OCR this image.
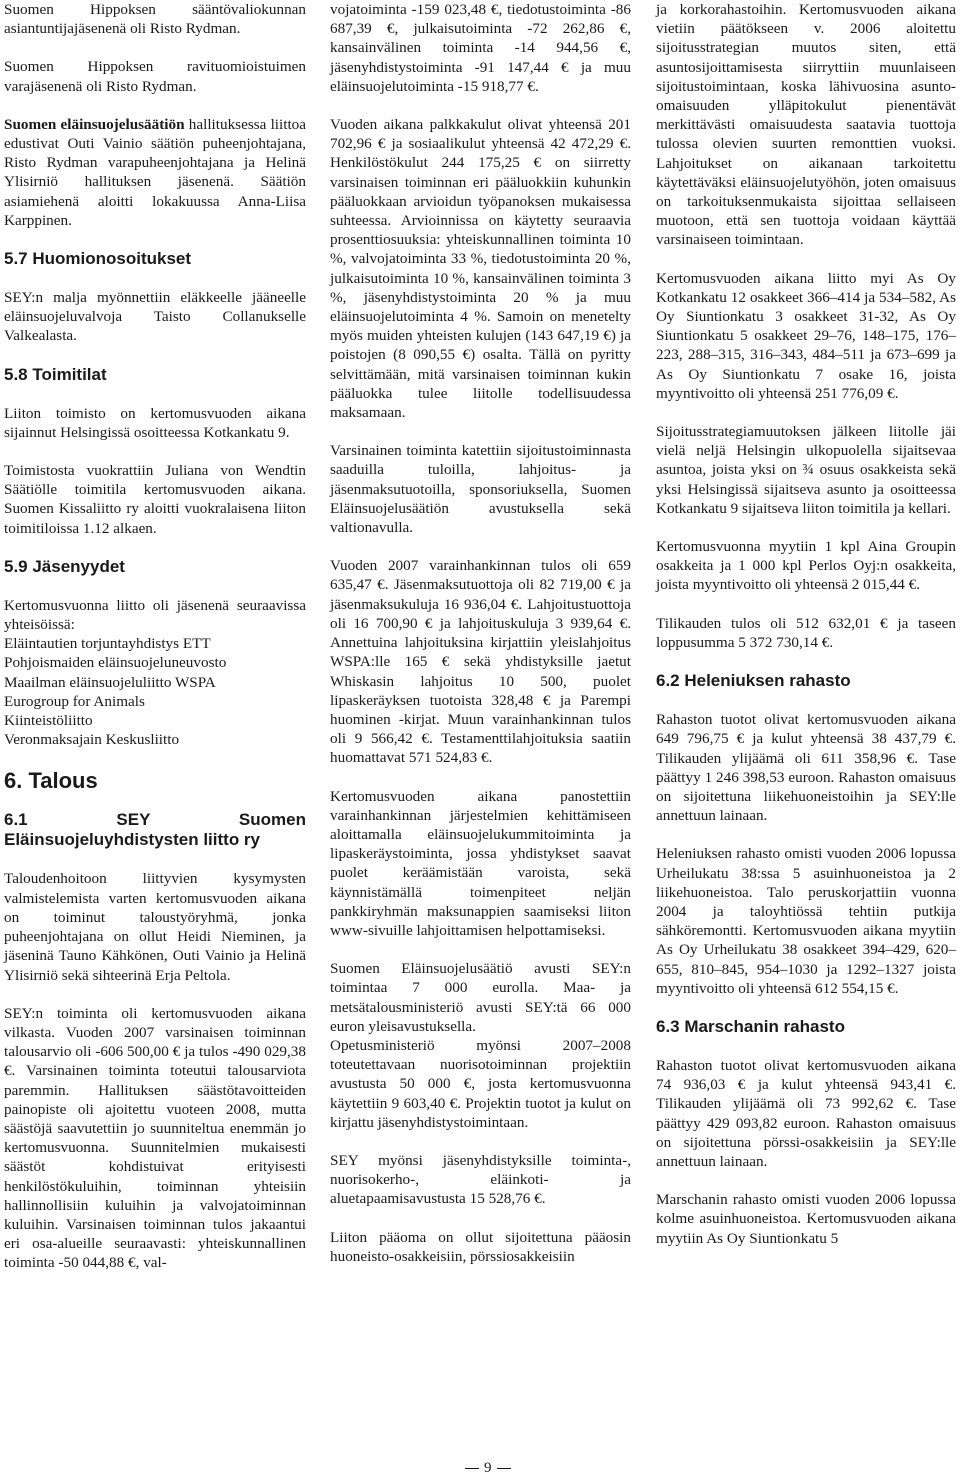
Suomen Hippoksen sääntövaliokunnan asiantuntijajäsenenä oli Risto Rydman.

Suomen Hippoksen ravituomioistuimen varajäsenenä oli Risto Rydman.

Suomen eläinsuojelusäätiön hallituksessa liittoa edustivat Outi Vainio säätiön puheenjohtajana, Risto Rydman varapuheenjohtajana ja Helinä Ylisirniö hallituksen jäsenenä. Säätiön asiamiehenä aloitti lokakuussa Anna-Liisa Karppinen.

5.7 Huomionosoitukset

SEY:n malja myönnettiin eläkkeelle jääneelle eläinsuojeluvalvoja Taisto Collanukselle Valkealasta.

5.8 Toimitilat

Liiton toimisto on kertomusvuoden aikana sijainnut Helsingissä osoitteessa Kotkankatu 9.

Toimistosta vuokrattiin Juliana von Wendtin Säätiölle toimitila kertomusvuoden aikana. Suomen Kissaliitto ry aloitti vuokralaisena liiton toimitiloissa 1.12 alkaen.

5.9 Jäsenyydet

Kertomusvuonna liitto oli jäsenenä seuraavissa yhteisöissä:

Eläintautien torjuntayhdistys ETT
Pohjoismaiden eläinsuojeluneuvosto
Maailman eläinsuojeluliitto WSPA
Eurogroup for Animals
Kiinteistöliitto
Veronmaksajain Keskusliitto
6. Talous
6.1 SEY Suomen Eläinsuojeluyhdistysten liitto ry

Taloudenhoitoon liittyvien kysymysten valmistelemista varten kertomusvuoden aikana on toiminut taloustyöryhmä, jonka puheenjohtajana on ollut Heidi Nieminen, ja jäseninä Tauno Kähkönen, Outi Vainio ja Helinä Ylisirniö sekä sihteerinä Erja Peltola.

SEY:n toiminta oli kertomusvuoden aikana vilkasta. Vuoden 2007 varsinaisen toiminnan talousarvio oli -606 500,00 € ja tulos -490 029,38 €. Varsinainen toiminta toteutui talousarviota paremmin. Hallituksen säästötavoitteiden painopiste oli ajoitettu vuoteen 2008, mutta säästöjä saavutettiin jo suunniteltua enemmän jo kertomusvuonna. Suunnitelmien mukaisesti säästöt kohdistuivat erityisesti henkilöstökuluihin, toiminnan yhteisiin hallinnollisiin kuluihin ja valvojatoiminnan kuluihin. Varsinaisen toiminnan tulos jakaantui eri osa-alueille seuraavasti: yhteiskunnallinen toiminta -50 044,88 €, val-

vojatoiminta -159 023,48 €, tiedotustoiminta -86 687,39 €, julkaisutoiminta -72 262,86 €, kansainvälinen toiminta -14 944,56 €, jäsenyhdistystoiminta -91 147,44 € ja muu eläinsuojelutoiminta -15 918,77 €.

Vuoden aikana palkkakulut olivat yhteensä 201 702,96 € ja sosiaalikulut yhteensä 42 472,29 €. Henkilöstökulut 244 175,25 € on siirretty varsinaisen toiminnan eri pääluokkiin kuhunkin pääluokkaan arvioidun työpanoksen mukaisessa suhteessa. Arvioinnissa on käytetty seuraavia prosenttiosuuksia: yhteiskunnallinen toiminta 10 %, valvojatoiminta 33 %, tiedotustoiminta 20 %, julkaisutoiminta 10 %, kansainvälinen toiminta 3 %, jäsenyhdistystoiminta 20 % ja muu eläinsuojelutoiminta 4 %. Samoin on menetelty myös muiden yhteisten kulujen (143 647,19 €) ja poistojen (8 090,55 €) osalta. Tällä on pyritty selvittämään, mitä varsinaisen toiminnan kukin pääluokka tulee liitolle todellisuudessa maksamaan.

Varsinainen toiminta katettiin sijoitustoiminnasta saaduilla tuloilla, lahjoitus- ja jäsenmaksutuotoilla, sponsoriuksella, Suomen Eläinsuojelusäätiön avustuksella sekä valtionavulla.

Vuoden 2007 varainhankinnan tulos oli 659 635,47 €. Jäsenmaksutuottoja oli 82 719,00 € ja jäsenmaksukuluja 16 936,04 €. Lahjoitustuottoja oli 16 700,90 € ja lahjoituskuluja 3 939,64 €. Annettuina lahjoituksina kirjattiin yleislahjoitus WSPA:lle 165 € sekä yhdistyksille jaetut Whiskasin lahjoitus 10 500, puolet lipaskeräyksen tuotoista 328,48 € ja Parempi huominen -kirjat. Muun varainhankinnan tulos oli 9 566,42 €. Testamenttilahjoituksia saatiin huomattavat 571 524,83 €.

Kertomusvuoden aikana panostettiin varainhankinnan järjestelmien kehittämiseen aloittamalla eläinsuojelukummitoiminta ja lipaskeräystoiminta, jossa yhdistykset saavat puolet keräämistään varoista, sekä käynnistämällä toimenpiteet neljän pankkiryhmän maksunappien saamiseksi liiton www-sivuille lahjoittamisen helpottamiseksi.

Suomen Eläinsuojelusäätiö avusti SEY:n toimintaa 7 000 eurolla. Maa- ja metsätalousministeriö avusti SEY:tä 66 000 euron yleisavustuksella.

Opetusministeriö myönsi 2007–2008 toteutettavaan nuorisotoiminnan projektiin avustusta 50 000 €, josta kertomusvuonna käytettiin 9 603,40 €. Projektin tuotot ja kulut on kirjattu jäsenyhdistystoimintaan.

SEY myönsi jäsenyhdistyksille toiminta-, nuorisokerho-, eläinkoti- ja aluetapaamisavustusta 15 528,76 €.

Liiton pääoma on ollut sijoitettuna pääosin huoneisto-osakkeisiin, pörssiosakkeisiin

ja korkorahastoihin. Kertomusvuoden aikana vietiin päätökseen v. 2006 aloitettu sijoitusstrategian muutos siten, että asuntosijoittamisesta siirryttiin muunlaiseen sijoitustoimintaan, koska lähivuosina asunto-omaisuuden ylläpitokulut pienentävät merkittävästi omaisuudesta saatavia tuottoja tulossa olevien suurten remonttien vuoksi. Lahjoitukset on aikanaan tarkoitettu käytettäväksi eläinsuojelutyöhön, joten omaisuus on tarkoituksenmukaista sijoittaa sellaiseen muotoon, että sen tuottoja voidaan käyttää varsinaiseen toimintaan.

Kertomusvuoden aikana liitto myi As Oy Kotkankatu 12 osakkeet 366–414 ja 534–582, As Oy Siuntionkatu 3 osakkeet 31-32, As Oy Siuntionkatu 5 osakkeet 29–76, 148–175, 176–223, 288–315, 316–343, 484–511 ja 673–699 ja As Oy Siuntionkatu 7 osake 16, joista myyntivoitto oli yhteensä 251 776,09 €.

Sijoitusstrategiamuutoksen jälkeen liitolle jäi vielä neljä Helsingin ulkopuolella sijaitsevaa asuntoa, joista yksi on ¾ osuus osakkeista sekä yksi Helsingissä sijaitseva asunto ja osoitteessa Kotkankatu 9 sijaitseva liiton toimitila ja kellari.

Kertomusvuonna myytiin 1 kpl Aina Groupin osakkeita ja 1 000 kpl Perlos Oyj:n osakkeita, joista myyntivoitto oli yhteensä 2 015,44 €.

Tilikauden tulos oli 512 632,01 € ja taseen loppusumma 5 372 730,14 €.

6.2 Heleniuksen rahasto

Rahaston tuotot olivat kertomusvuoden aikana 649 796,75 € ja kulut yhteensä 38 437,79 €. Tilikauden ylijäämä oli 611 358,96 €. Tase päättyy 1 246 398,53 euroon. Rahaston omaisuus on sijoitettuna liikehuoneistoihin ja SEY:lle annettuun lainaan.

Heleniuksen rahasto omisti vuoden 2006 lopussa Urheilukatu 38:ssa 5 asuinhuoneistoa ja 2 liikehuoneistoa. Talo peruskorjattiin vuonna 2004 ja taloyhtiössä tehtiin putkija sähköremontti. Kertomusvuoden aikana myytiin As Oy Urheilukatu 38 osakkeet 394–429, 620–655, 810–845, 954–1030 ja 1292–1327 joista myyntivoitto oli yhteensä 612 554,15 €.

6.3 Marschanin rahasto

Rahaston tuotot olivat kertomusvuoden aikana 74 936,03 € ja kulut yhteensä 943,41 €. Tilikauden ylijäämä oli 73 992,62 €. Tase päättyy 429 093,82 euroon. Rahaston omaisuus on sijoitettuna pörssi-osakkeisiin ja SEY:lle annettuun lainaan.

Marschanin rahasto omisti vuoden 2006 lopussa kolme asuinhuoneistoa. Kertomusvuoden aikana myytiin As Oy Siuntionkatu 5

9
